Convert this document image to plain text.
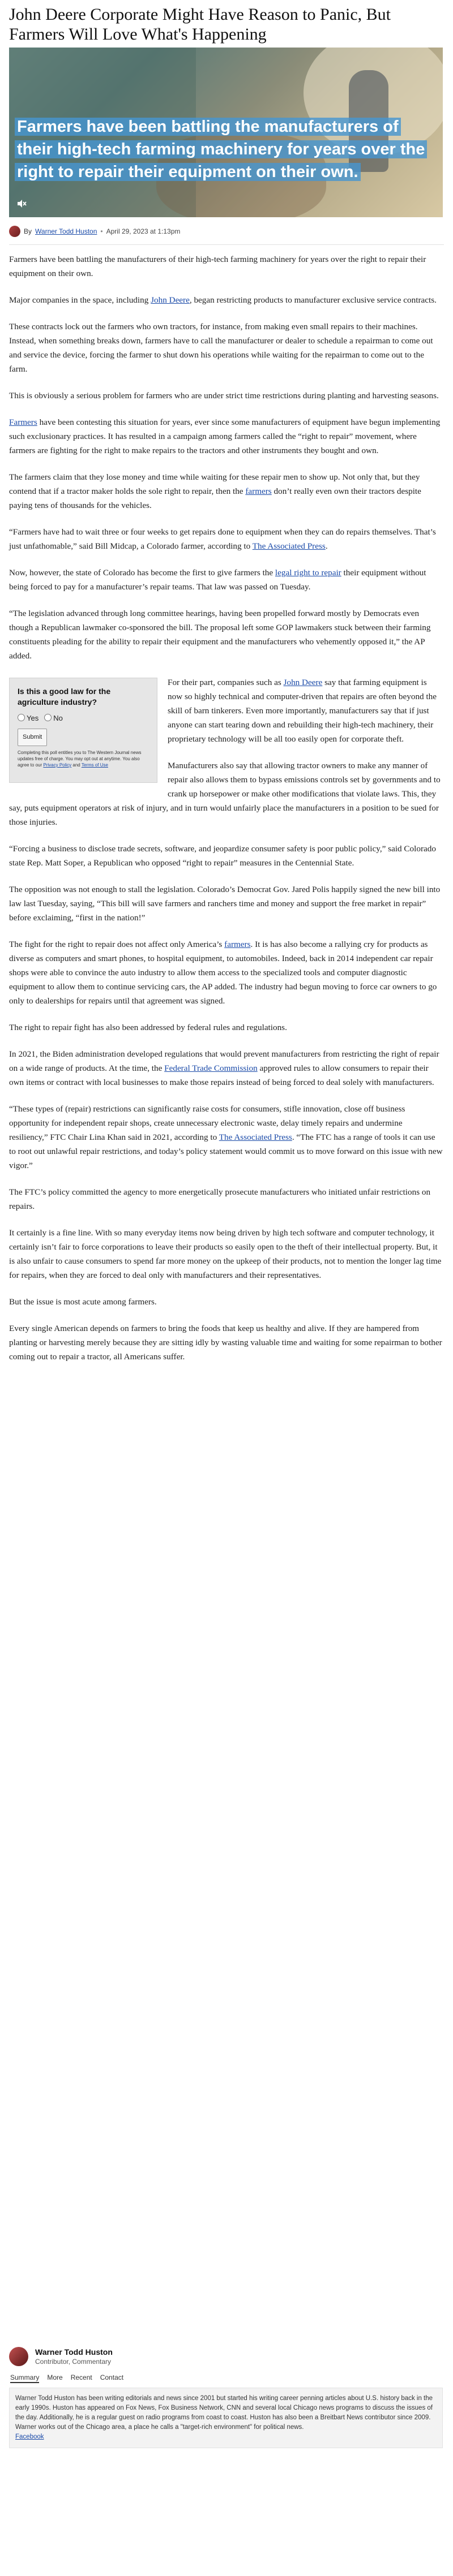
John Deere Corporate Might Have Reason to Panic, But Farmers Will Love What's Happening
Farmers have been battling the manufacturers of their high-tech farming machinery for years over the right to repair their equipment on their own.
By Warner Todd Huston • April 29, 2023 at 1:13pm

Farmers have been battling the manufacturers of their high-tech farming machinery for years over the right to repair their equipment on their own.

Major companies in the space, including John Deere, began restricting products to manufacturer exclusive service contracts.

These contracts lock out the farmers who own tractors, for instance, from making even small repairs to their machines. Instead, when something breaks down, farmers have to call the manufacturer or dealer to schedule a repairman to come out and service the device, forcing the farmer to shut down his operations while waiting for the repairman to come out to the farm.

This is obviously a serious problem for farmers who are under strict time restrictions during planting and harvesting seasons.

Farmers have been contesting this situation for years, ever since some manufacturers of equipment have begun implementing such exclusionary practices. It has resulted in a campaign among farmers called the “right to repair” movement, where farmers are fighting for the right to make repairs to the tractors and other instruments they bought and own.

The farmers claim that they lose money and time while waiting for these repair men to show up. Not only that, but they contend that if a tractor maker holds the sole right to repair, then the farmers don’t really even own their tractors despite paying tens of thousands for the vehicles.

“Farmers have had to wait three or four weeks to get repairs done to equipment when they can do repairs themselves. That’s just unfathomable,” said Bill Midcap, a Colorado farmer, according to The Associated Press.

Now, however, the state of Colorado has become the first to give farmers the legal right to repair their equipment without being forced to pay for a manufacturer’s repair teams. That law was passed on Tuesday.

“The legislation advanced through long committee hearings, having been propelled forward mostly by Democrats even though a Republican lawmaker co-sponsored the bill. The proposal left some GOP lawmakers stuck between their farming constituents pleading for the ability to repair their equipment and the manufacturers who vehemently opposed it,” the AP added.

Is this a good law for the agriculture industry?
Yes	No
Submit
Completing this poll entitles you to The Western Journal news updates free of charge. You may opt out at anytime. You also agree to our Privacy Policy and Terms of Use

For their part, companies such as John Deere say that farming equipment is now so highly technical and computer-driven that repairs are often beyond the skill of barn tinkerers. Even more importantly, manufacturers say that if just anyone can start tearing down and rebuilding their high-tech machinery, their proprietary technology will be all too easily open for corporate theft.

Manufacturers also say that allowing tractor owners to make any manner of repair also allows them to bypass emissions controls set by governments and to crank up horsepower or make other modifications that violate laws. This, they say, puts equipment operators at risk of injury, and in turn would unfairly place the manufacturers in a position to be sued for those injuries.

“Forcing a business to disclose trade secrets, software, and jeopardize consumer safety is poor public policy,” said Colorado state Rep. Matt Soper, a Republican who opposed “right to repair” measures in the Centennial State.

The opposition was not enough to stall the legislation. Colorado’s Democrat Gov. Jared Polis happily signed the new bill into law last Tuesday, saying, “This bill will save farmers and ranchers time and money and support the free market in repair” before exclaiming, “first in the nation!”

The fight for the right to repair does not affect only America’s farmers. It is has also become a rallying cry for products as diverse as computers and smart phones, to hospital equipment, to automobiles. Indeed, back in 2014 independent car repair shops were able to convince the auto industry to allow them access to the specialized tools and computer diagnostic equipment to allow them to continue servicing cars, the AP added. The industry had begun moving to force car owners to go only to dealerships for repairs until that agreement was signed.

The right to repair fight has also been addressed by federal rules and regulations.

In 2021, the Biden administration developed regulations that would prevent manufacturers from restricting the right of repair on a wide range of products. At the time, the Federal Trade Commission approved rules to allow consumers to repair their own items or contract with local businesses to make those repairs instead of being forced to deal solely with manufacturers.

“These types of (repair) restrictions can significantly raise costs for consumers, stifle innovation, close off business opportunity for independent repair shops, create unnecessary electronic waste, delay timely repairs and undermine resiliency,” FTC Chair Lina Khan said in 2021, according to The Associated Press. “The FTC has a range of tools it can use to root out unlawful repair restrictions, and today’s policy statement would commit us to move forward on this issue with new vigor.”

The FTC’s policy committed the agency to more energetically prosecute manufacturers who initiated unfair restrictions on repairs.

It certainly is a fine line. With so many everyday items now being driven by high tech software and computer technology, it certainly isn’t fair to force corporations to leave their products so easily open to the theft of their intellectual property. But, it is also unfair to cause consumers to spend far more money on the upkeep of their products, not to mention the longer lag time for repairs, when they are forced to deal only with manufacturers and their representatives.

But the issue is most acute among farmers.

Every single American depends on farmers to bring the foods that keep us healthy and alive. If they are hampered from planting or harvesting merely because they are sitting idly by wasting valuable time and waiting for some repairman to bother coming out to repair a tractor, all Americans suffer.

Warner Todd Huston
Contributor, Commentary
Summary More Recent Contact
Warner Todd Huston has been writing editorials and news since 2001 but started his writing career penning articles about U.S. history back in the early 1990s. Huston has appeared on Fox News, Fox Business Network, CNN and several local Chicago news programs to discuss the issues of the day. Additionally, he is a regular guest on radio programs from coast to coast. Huston has also been a Breitbart News contributor since 2009. Warner works out of the Chicago area, a place he calls a "target-rich environment" for political news.
Facebook
